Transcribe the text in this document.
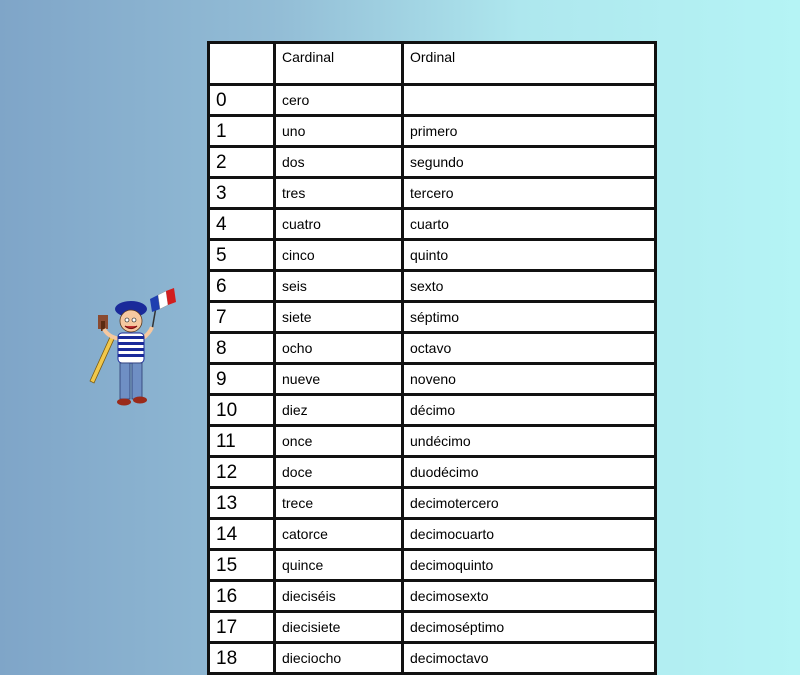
	Cardinal	Ordinal
0	cero	
1	uno	primero
2	dos	segundo
3	tres	tercero
4	cuatro	cuarto
5	cinco	quinto
6	seis	sexto
7	siete	séptimo
8	ocho	octavo
9	nueve	noveno
10	diez	décimo
11	once	undécimo
12	doce	duodécimo
13	trece	decimotercero
14	catorce	decimocuarto
15	quince	decimoquinto
16	dieciséis	decimosexto
17	diecisiete	decimoséptimo
18	dieciocho	decimoctavo
